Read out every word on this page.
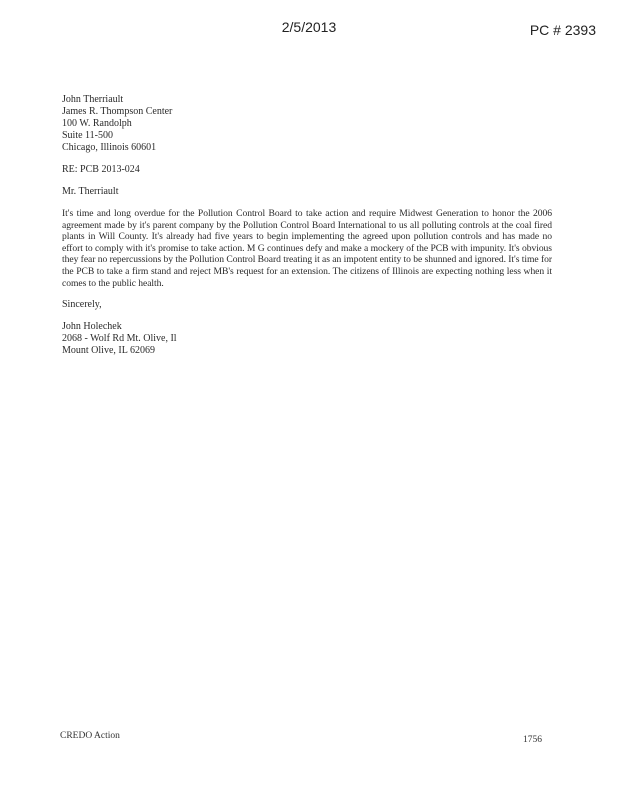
2/5/2013	PC # 2393
John Therriault
James R. Thompson Center
100 W. Randolph
Suite 11-500
Chicago, Illinois 60601
RE: PCB 2013-024
Mr. Therriault
It's time and long overdue for the Pollution Control Board to take action and require Midwest Generation to honor the 2006 agreement made by it's parent company by the Pollution Control Board International to us all polluting controls at the coal fired plants in Will County. It's already had five years to begin implementing the agreed upon pollution controls and has made no effort to comply with it's promise to take action. M G continues defy and make a mockery of the PCB with impunity. It's obvious they fear no repercussions by the Pollution Control Board treating it as an impotent entity to be shunned and ignored. It's time for the PCB to take a firm stand and reject MB's request for an extension. The citizens of Illinois are expecting nothing less when it comes to the public health.
Sincerely,
John Holechek
2068 - Wolf Rd Mt. Olive, Il
Mount Olive, IL 62069
CREDO Action	1756
